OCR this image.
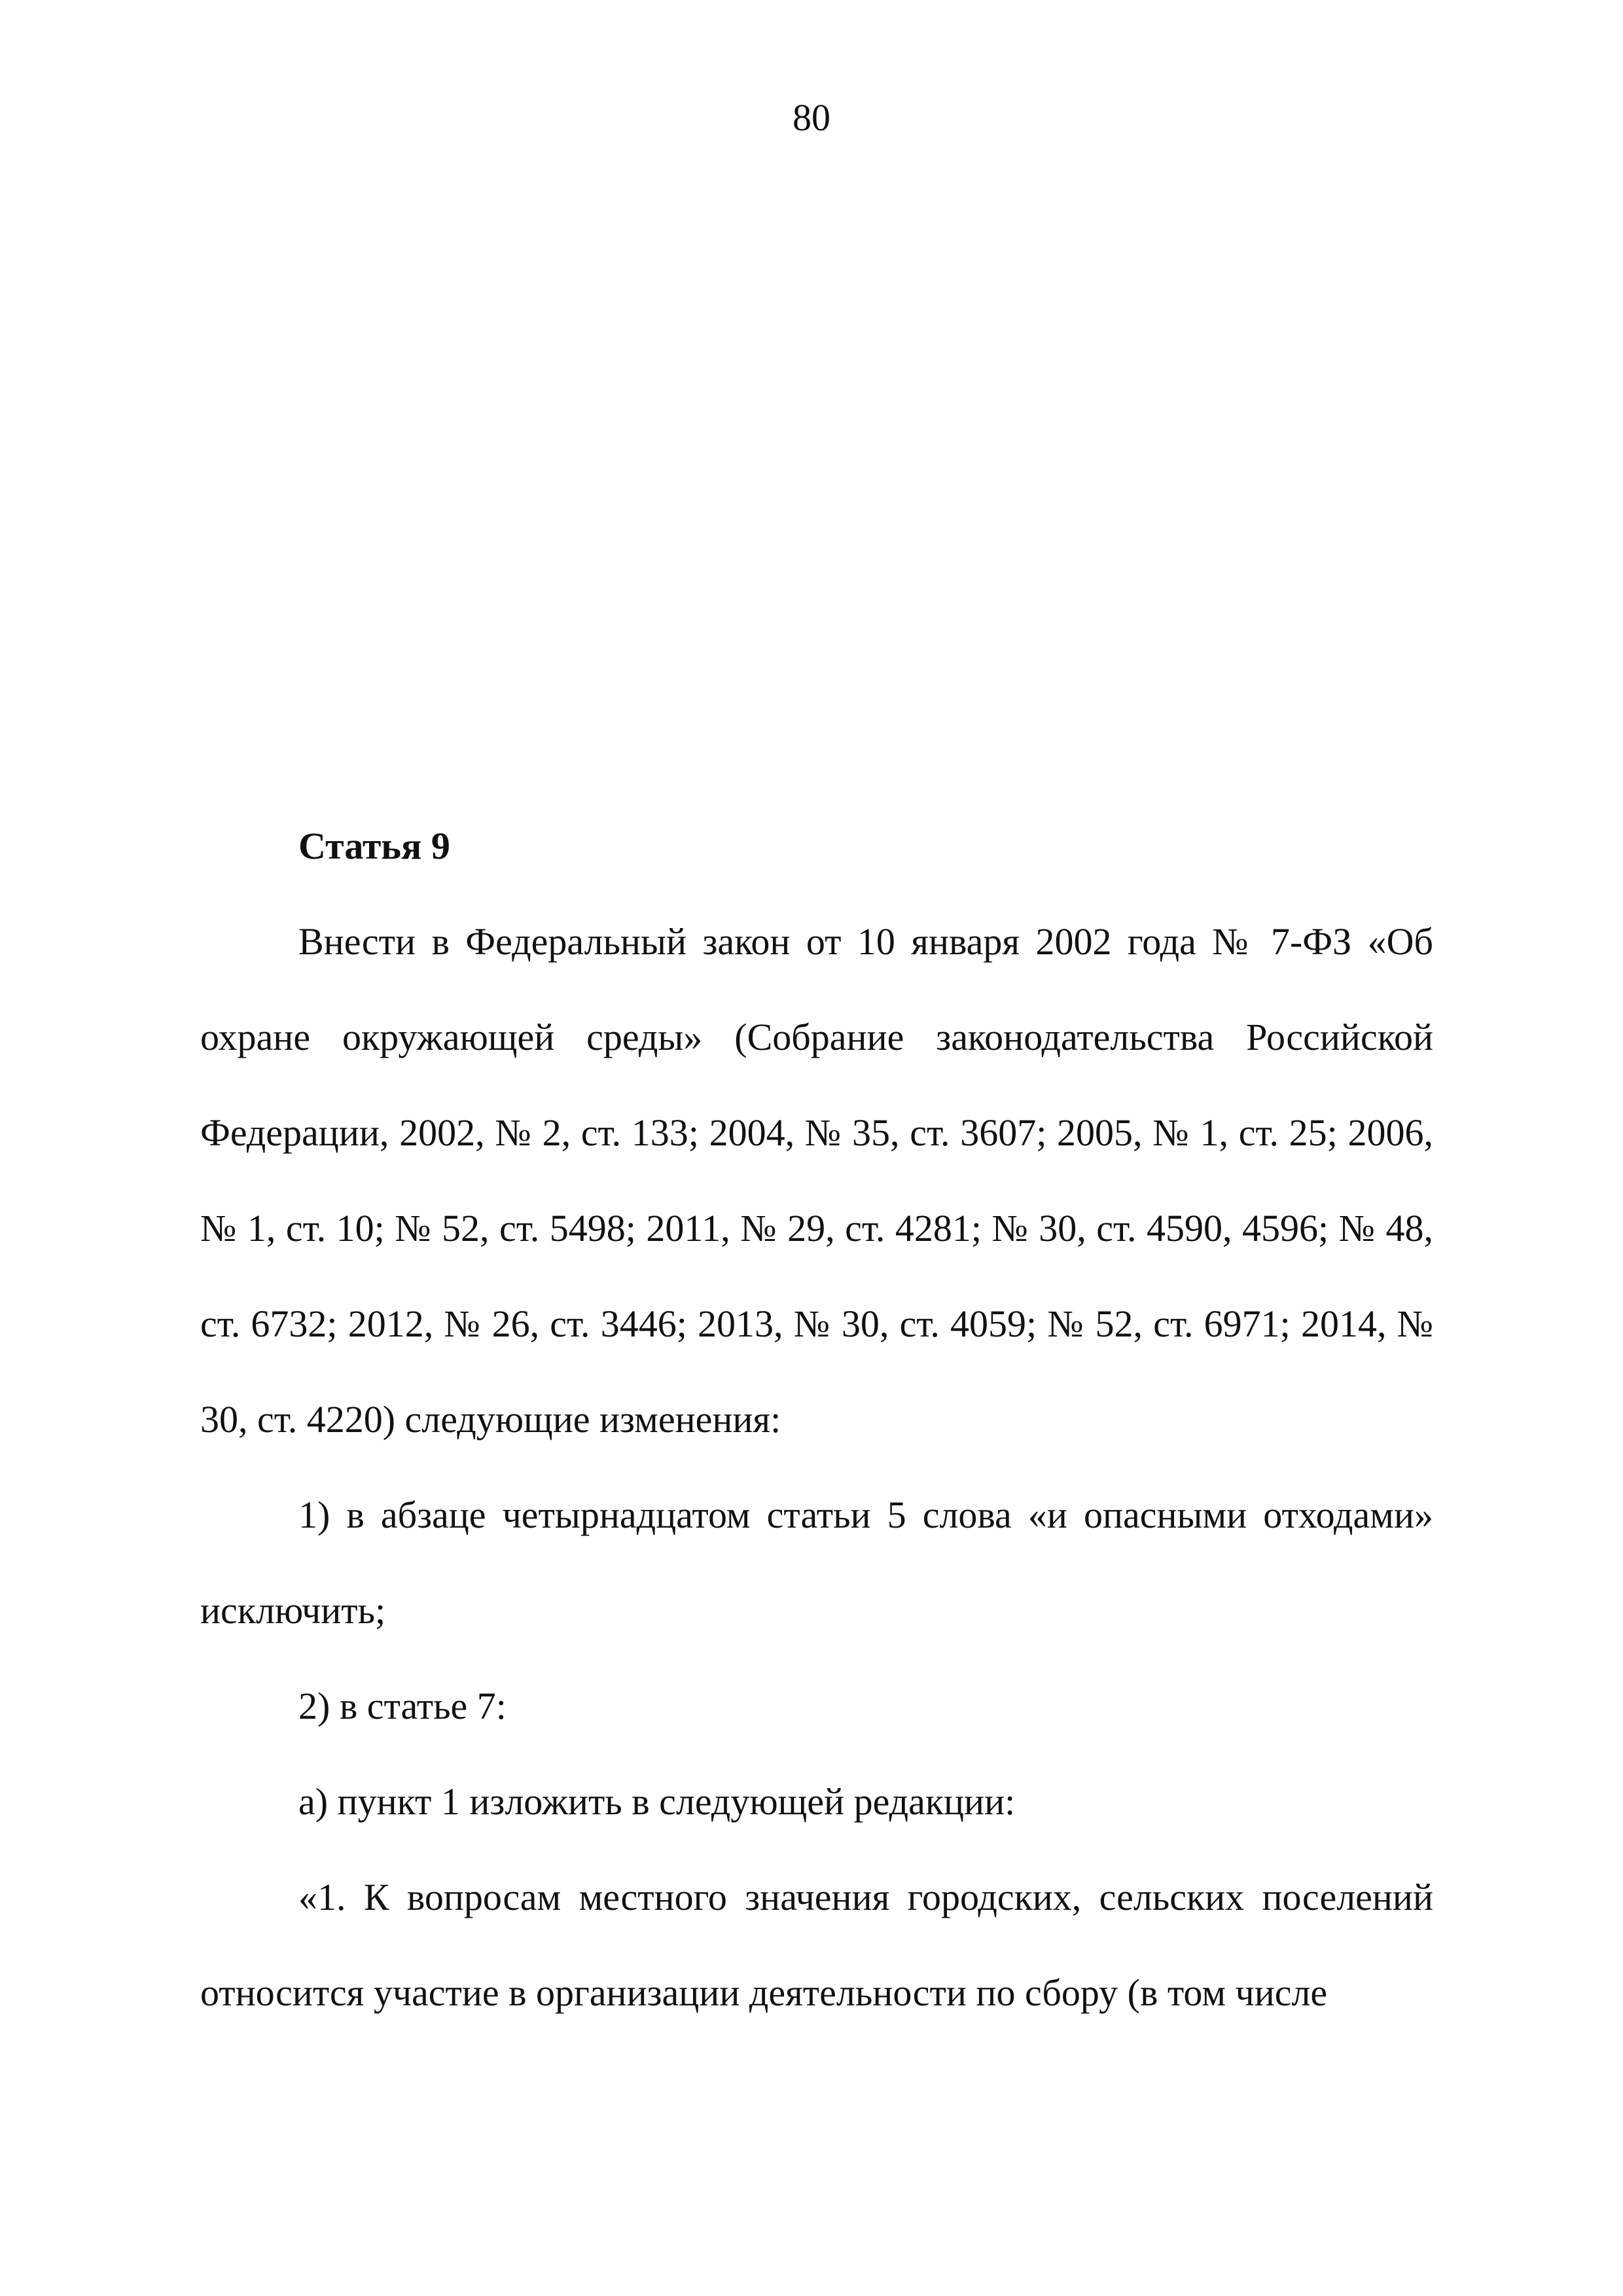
80

Статья 9

Внести в Федеральный закон от 10 января 2002 года № 7-ФЗ «Об охране окружающей среды» (Собрание законодательства Российской Федерации, 2002, № 2, ст. 133; 2004, № 35, ст. 3607; 2005, № 1, ст. 25; 2006, № 1, ст. 10; № 52, ст. 5498; 2011, № 29, ст. 4281; № 30, ст. 4590, 4596; № 48, ст. 6732; 2012, № 26, ст. 3446; 2013, № 30, ст. 4059; № 52, ст. 6971; 2014, № 30, ст. 4220) следующие изменения:

1) в абзаце четырнадцатом статьи 5 слова «и опасными отходами» исключить;

2) в статье 7:

а) пункт 1 изложить в следующей редакции:

«1. К вопросам местного значения городских, сельских поселений относится участие в организации деятельности по сбору (в том числе
